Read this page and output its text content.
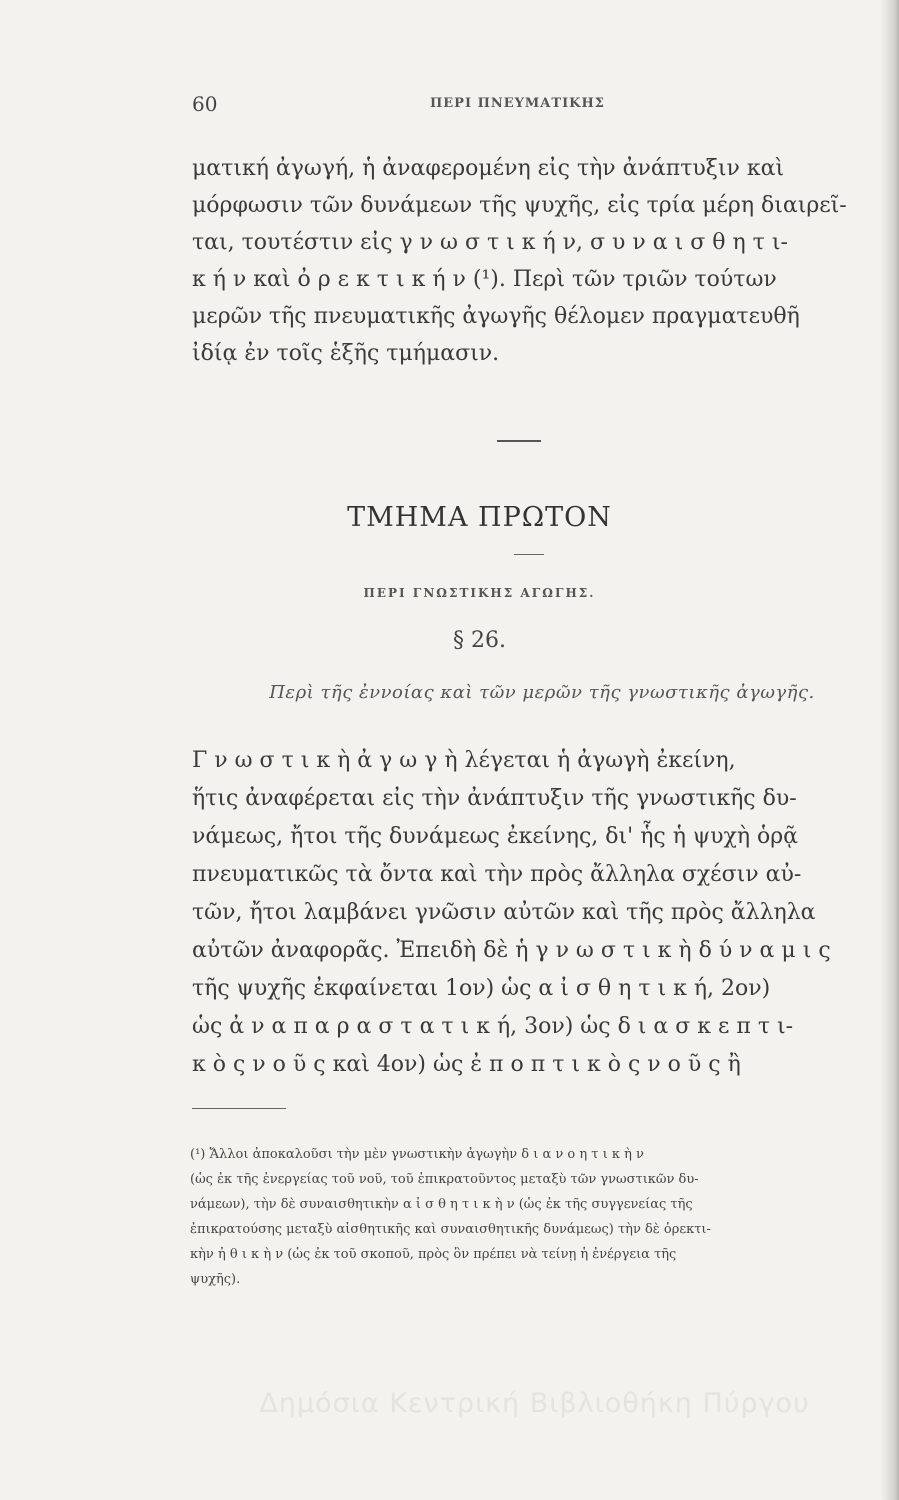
60	ΠΕΡΙ ΠΝΕΥΜΑΤΙΚΗΣ
ματική ἀγωγή, ἡ ἀναφερομένη εἰς τὴν ἀνάπτυξιν καὶ
μόρφωσιν τῶν δυνάμεων τῆς ψυχῆς, εἰς τρία μέρη διαιρεῖ-
ται, τουτέστιν εἰς γ ν ω σ τ ι κ ή ν, σ υ ν α ι σ θ η τ ι-
κ ή ν καὶ ὀ ρ ε κ τ ι κ ή ν (¹). Περὶ τῶν τριῶν τούτων
μερῶν τῆς πνευματικῆς ἀγωγῆς θέλομεν πραγματευθῆ
ἰδίᾳ ἐν τοῖς ἑξῆς τμήμασιν.
ΤΜΗΜΑ ΠΡΩΤΟΝ
ΠΕΡΙ ΓΝΩΣΤΙΚΗΣ ΑΓΩΓΗΣ.
§ 26.
Περὶ τῆς ἐννοίας καὶ τῶν μερῶν τῆς γνωστικῆς ἀγωγῆς.
Γ ν ω σ τ ι κ ὴ ἀ γ ω γ ὴ λέγεται ἡ ἀγωγὴ ἐκείνη,
ἥτις ἀναφέρεται εἰς τὴν ἀνάπτυξιν τῆς γνωστικῆς δυ-
νάμεως, ἤτοι τῆς δυνάμεως ἐκείνης, δι' ἧς ἡ ψυχὴ ὁρᾷ
πνευματικῶς τὰ ὄντα καὶ τὴν πρὸς ἄλληλα σχέσιν αὐ-
τῶν, ἤτοι λαμβάνει γνῶσιν αὐτῶν καὶ τῆς πρὸς ἄλληλα
αὐτῶν ἀναφορᾶς. Ἐπειδὴ δὲ ἡ γ ν ω σ τ ι κ ὴ δ ύ ν α μ ι ς
τῆς ψυχῆς ἐκφαίνεται 1ον) ὡς α ἰ σ θ η τ ι κ ή, 2ον)
ὡς ἀ ν α π α ρ α σ τ α τ ι κ ή, 3ον) ὡς δ ι α σ κ ε π τ ι-
κ ὸ ς ν ο ῦ ς καὶ 4ον) ὡς ἐ π ο π τ ι κ ὸ ς ν ο ῦ ς ἢ
(¹) Ἄλλοι ἀποκαλοῦσι τὴν μὲν γνωστικὴν ἀγωγὴν δ ι α ν ο η τ ι κ ὴ ν
(ὡς ἐκ τῆς ἐνεργείας τοῦ νοῦ, τοῦ ἐπικρατοῦντος μεταξὺ τῶν γνωστικῶν δυ-
νάμεων), τὴν δὲ συναισθητικὴν α ἰ σ θ η τ ι κ ὴ ν (ὡς ἐκ τῆς συγγενείας τῆς
ἐπικρατούσης μεταξὺ αἰσθητικῆς καὶ συναισθητικῆς δυνάμεως) τὴν δὲ ὀρεκτι-
κὴν ἠ θ ι κ ὴ ν (ὡς ἐκ τοῦ σκοποῦ, πρὸς ὃν πρέπει νὰ τείνῃ ἡ ἐνέργεια τῆς
ψυχῆς).
Δημόσια Κεντρική Βιβλιοθήκη Πύργου
